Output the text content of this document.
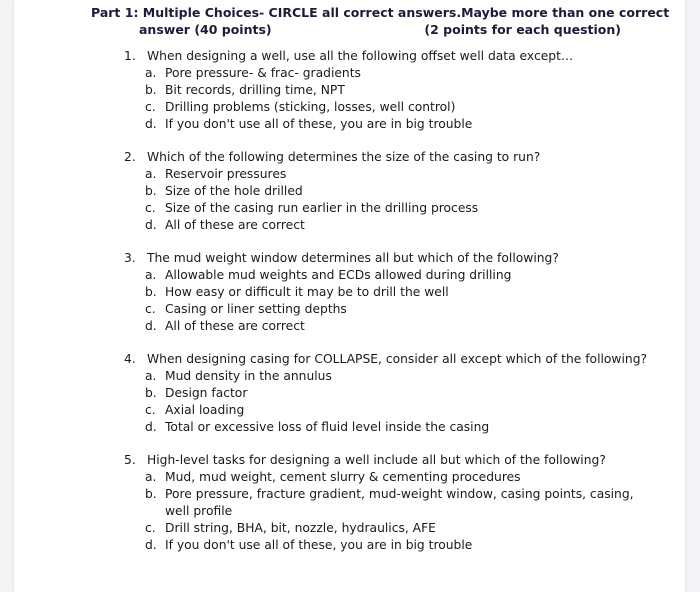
Part 1: Multiple Choices- CIRCLE all correct answers. Maybe more than one correct
answer (40 points)	(2 points for each question)
1. When designing a well, use all the following offset well data except…
a. Pore pressure- & frac- gradients
b. Bit records, drilling time, NPT
c. Drilling problems (sticking, losses, well control)
d. If you don't use all of these, you are in big trouble
2. Which of the following determines the size of the casing to run?
a. Reservoir pressures
b. Size of the hole drilled
c. Size of the casing run earlier in the drilling process
d. All of these are correct
3. The mud weight window determines all but which of the following?
a. Allowable mud weights and ECDs allowed during drilling
b. How easy or difficult it may be to drill the well
c. Casing or liner setting depths
d. All of these are correct
4. When designing casing for COLLAPSE, consider all except which of the following?
a. Mud density in the annulus
b. Design factor
c. Axial loading
d. Total or excessive loss of fluid level inside the casing
5. High-level tasks for designing a well include all but which of the following?
a. Mud, mud weight, cement slurry & cementing procedures
b. Pore pressure, fracture gradient, mud-weight window, casing points, casing, well profile
c. Drill string, BHA, bit, nozzle, hydraulics, AFE
d. If you don't use all of these, you are in big trouble
